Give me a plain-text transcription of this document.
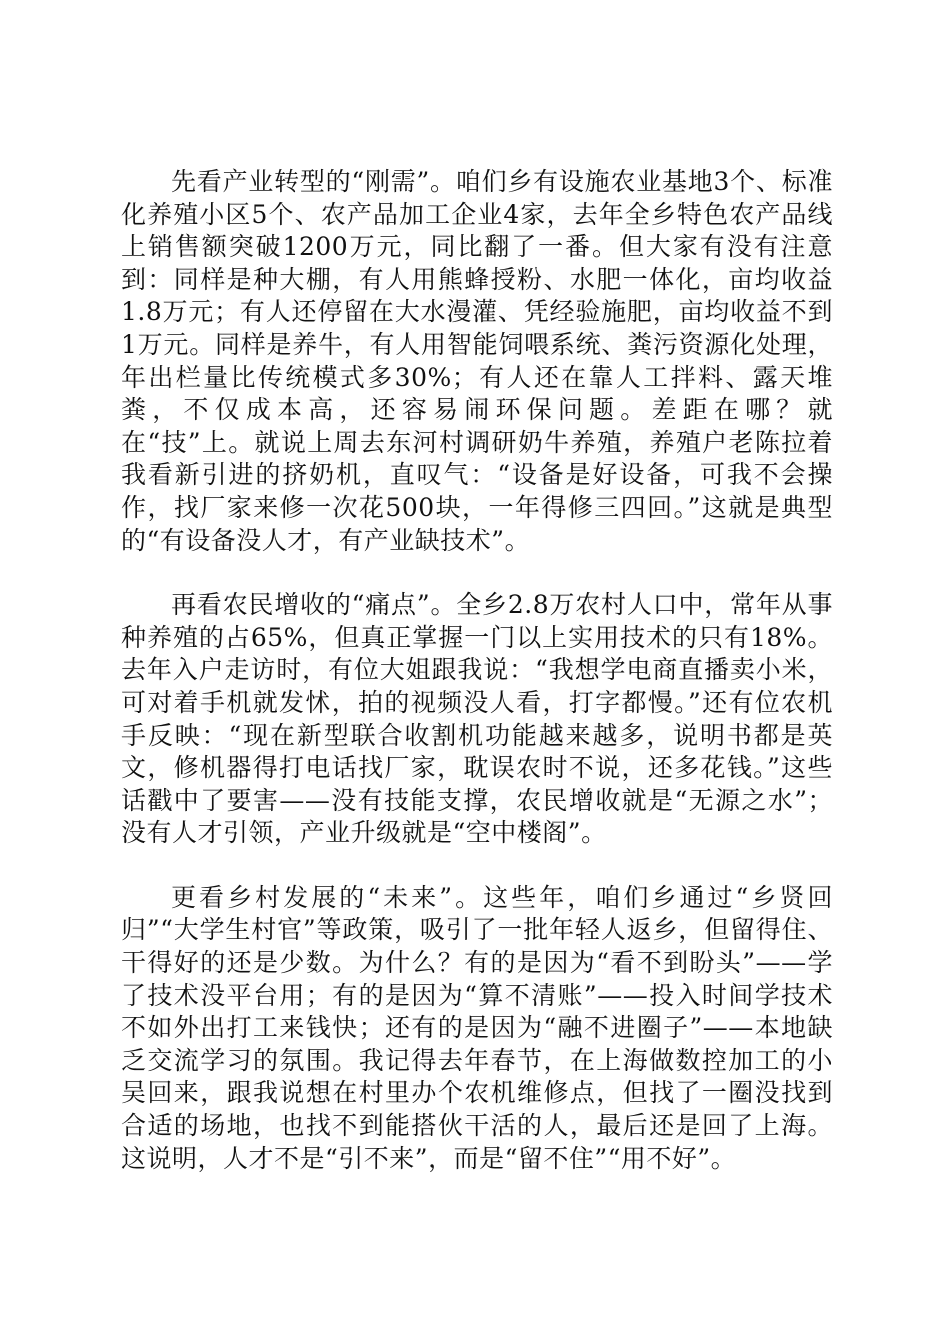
先看产业转型的“刚需”。咱们乡有设施农业基地3个、标准化养殖小区5个、农产品加工企业4家，去年全乡特色农产品线上销售额突破1200万元，同比翻了一番。但大家有没有注意到：同样是种大棚，有人用熊蜂授粉、水肥一体化，亩均收益1.8万元；有人还停留在大水漫灌、凭经验施肥，亩均收益不到1万元。同样是养牛，有人用智能饲喂系统、粪污资源化处理，年出栏量比传统模式多30%；有人还在靠人工拌料、露天堆粪，不仅成本高，还容易闹环保问题。差距在哪？就在“技”上。就说上周去东河村调研奶牛养殖，养殖户老陈拉着我看新引进的挤奶机，直叹气：“设备是好设备，可我不会操作，找厂家来修一次花500块，一年得修三四回。”这就是典型的“有设备没人才，有产业缺技术”。

再看农民增收的“痛点”。全乡2.8万农村人口中，常年从事种养殖的占65%，但真正掌握一门以上实用技术的只有18%。去年入户走访时，有位大姐跟我说：“我想学电商直播卖小米，可对着手机就发怵，拍的视频没人看，打字都慢。”还有位农机手反映：“现在新型联合收割机功能越来越多，说明书都是英文，修机器得打电话找厂家，耽误农时不说，还多花钱。”这些话戳中了要害——没有技能支撑，农民增收就是“无源之水”；没有人才引领，产业升级就是“空中楼阁”。

更看乡村发展的“未来”。这些年，咱们乡通过“乡贤回归”“大学生村官”等政策，吸引了一批年轻人返乡，但留得住、干得好的还是少数。为什么？有的是因为“看不到盼头”——学了技术没平台用；有的是因为“算不清账”——投入时间学技术不如外出打工来钱快；还有的是因为“融不进圈子”——本地缺乏交流学习的氛围。我记得去年春节，在上海做数控加工的小吴回来，跟我说想在村里办个农机维修点，但找了一圈没找到合适的场地，也找不到能搭伙干活的人，最后还是回了上海。这说明，人才不是“引不来”，而是“留不住”“用不好”。
